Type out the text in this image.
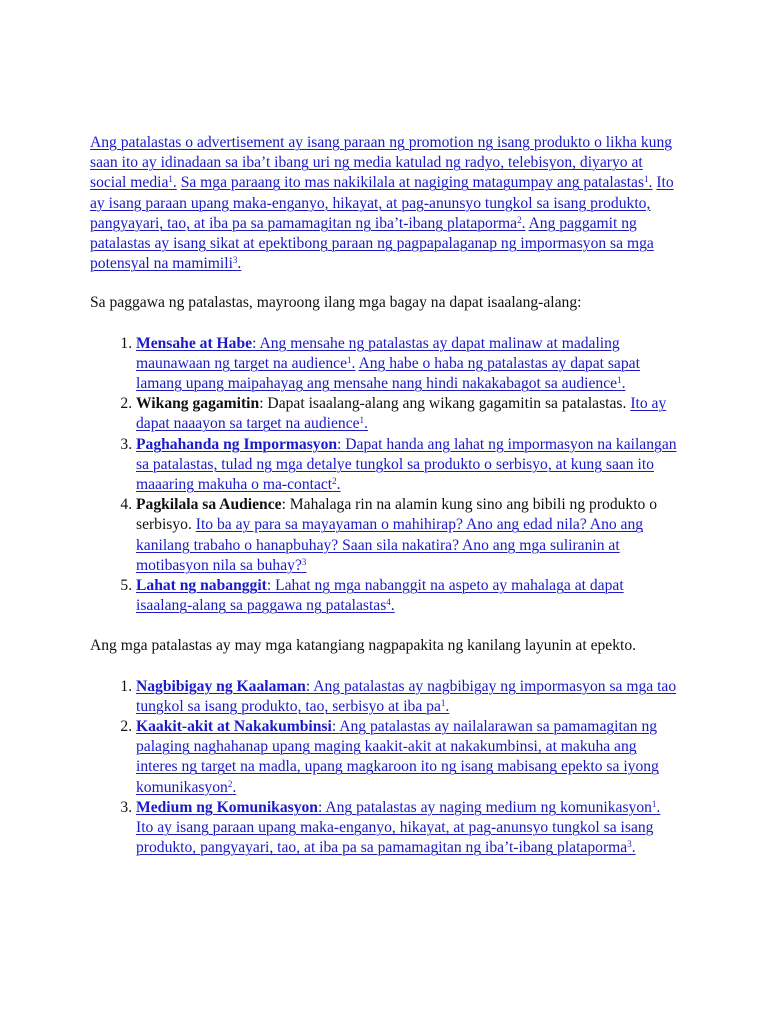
Ang patalastas o advertisement ay isang paraan ng promotion ng isang produkto o likha kung saan ito ay idinadaan sa iba’t ibang uri ng media katulad ng radyo, telebisyon, diyaryo at social media$^1$. Sa mga paraang ito mas nakikilala at nagiging matagumpay ang patalastas$^1$. Ito ay isang paraan upang maka-enganyo, hikayat, at pag-anunsyo tungkol sa isang produkto, pangyayari, tao, at iba pa sa pamamagitan ng iba’t-ibang plataporma$^2$. Ang paggamit ng patalastas ay isang sikat at epektibong paraan ng pagpapalaganap ng impormasyon sa mga potensyal na mamimili$^3$.

Sa paggawa ng patalastas, mayroong ilang mga bagay na dapat isaalang-alang:

1. Mensahe at Habe: Ang mensahe ng patalastas ay dapat malinaw at madaling maunawaan ng target na audience$^1$. Ang habe o haba ng patalastas ay dapat sapat lamang upang maipahayag ang mensahe nang hindi nakakabagot sa audience$^1$.
2. Wikang gagamitin: Dapat isaalang-alang ang wikang gagamitin sa patalastas. Ito ay dapat naaayon sa target na audience$^1$.
3. Paghahanda ng Impormasyon: Dapat handa ang lahat ng impormasyon na kailangan sa patalastas, tulad ng mga detalye tungkol sa produkto o serbisyo, at kung saan ito maaaring makuha o ma-contact$^2$.
4. Pagkilala sa Audience: Mahalaga rin na alamin kung sino ang bibili ng produkto o serbisyo. Ito ba ay para sa mayayaman o mahihirap? Ano ang edad nila? Ano ang kanilang trabaho o hanapbuhay? Saan sila nakatira? Ano ang mga suliranin at motibasyon nila sa buhay?$^3$
5. Lahat ng nabanggit: Lahat ng mga nabanggit na aspeto ay mahalaga at dapat isaalang-alang sa paggawa ng patalastas$^4$.

Ang mga patalastas ay may mga katangiang nagpapakita ng kanilang layunin at epekto.

1. Nagbibigay ng Kaalaman: Ang patalastas ay nagbibigay ng impormasyon sa mga tao tungkol sa isang produkto, tao, serbisyo at iba $pa^1$.
2. Kaakit-akit at Nakakumbinsi: Ang patalastas ay nailalarawan sa pamamagitan ng palaging naghahanap upang maging kaakit-akit at nakakumbinsi, at makuha ang interes ng target na madla, upang magkaroon ito ng isang mabisang epekto sa iyong komunikasyon$^2$.
3. Medium ng Komunikasyon: Ang patalastas ay naging medium ng komunikasyon$^1$. Ito ay isang paraan upang maka-enganyo, hikayat, at pag-anunsyo tungkol sa isang produkto, pangyayari, tao, at iba pa sa pamamagitan ng iba’t-ibang plataporma$^3$.
